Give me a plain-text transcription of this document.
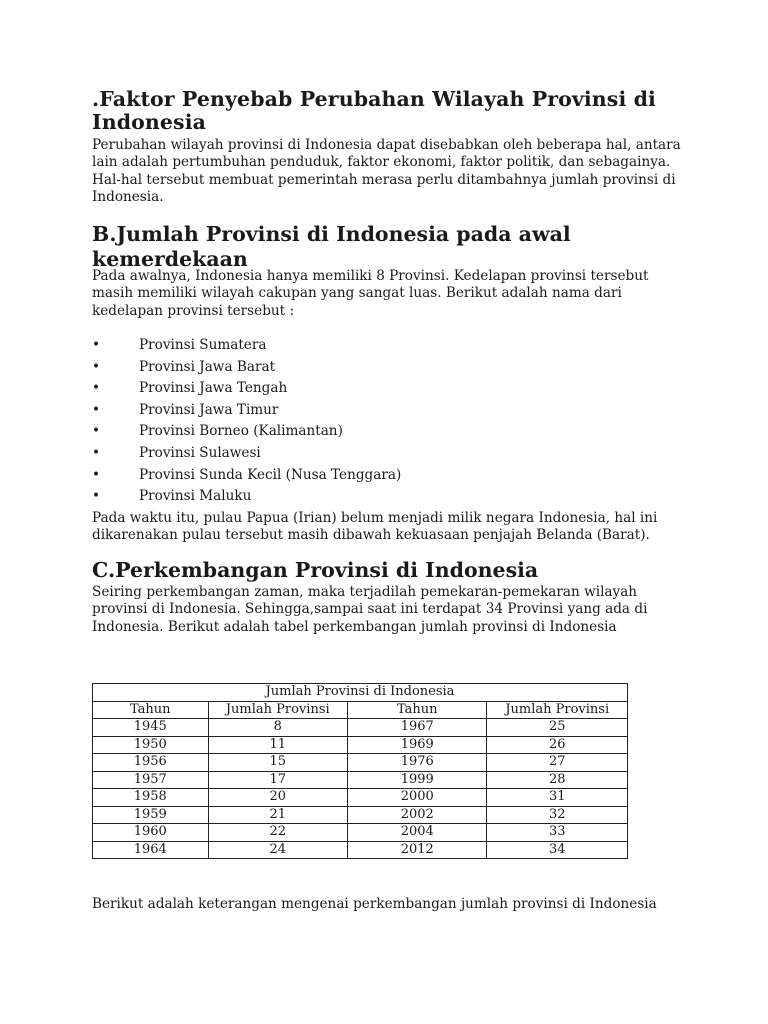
.Faktor Penyebab Perubahan Wilayah Provinsi di Indonesia

Perubahan wilayah provinsi di Indonesia dapat disebabkan oleh beberapa hal, antara lain adalah pertumbuhan penduduk, faktor ekonomi, faktor politik, dan sebagainya. Hal-hal tersebut membuat pemerintah merasa perlu ditambahnya jumlah provinsi di Indonesia.

B.Jumlah Provinsi di Indonesia pada awal kemerdekaan

Pada awalnya, Indonesia hanya memiliki 8 Provinsi. Kedelapan provinsi tersebut masih memiliki wilayah cakupan yang sangat luas. Berikut adalah nama dari kedelapan provinsi tersebut :

•	Provinsi Sumatera
•	Provinsi Jawa Barat
•	Provinsi Jawa Tengah
•	Provinsi Jawa Timur
•	Provinsi Borneo (Kalimantan)
•	Provinsi Sulawesi
•	Provinsi Sunda Kecil (Nusa Tenggara)
•	Provinsi Maluku

Pada waktu itu, pulau Papua (Irian) belum menjadi milik negara Indonesia, hal ini dikarenakan pulau tersebut masih dibawah kekuasaan penjajah Belanda (Barat).

C.Perkembangan Provinsi di Indonesia

Seiring perkembangan zaman, maka terjadilah pemekaran-pemekaran wilayah provinsi di Indonesia. Sehingga,sampai saat ini terdapat 34 Provinsi yang ada di Indonesia. Berikut adalah tabel perkembangan jumlah provinsi di Indonesia

Jumlah Provinsi di Indonesia			
Tahun	Jumlah Provinsi	Tahun	Jumlah Provinsi
1945	8	1967	25
1950	11	1969	26
1956	15	1976	27
1957	17	1999	28
1958	20	2000	31
1959	21	2002	32
1960	22	2004	33
1964	24	2012	34

Berikut adalah keterangan mengenai perkembangan jumlah provinsi di Indonesia
